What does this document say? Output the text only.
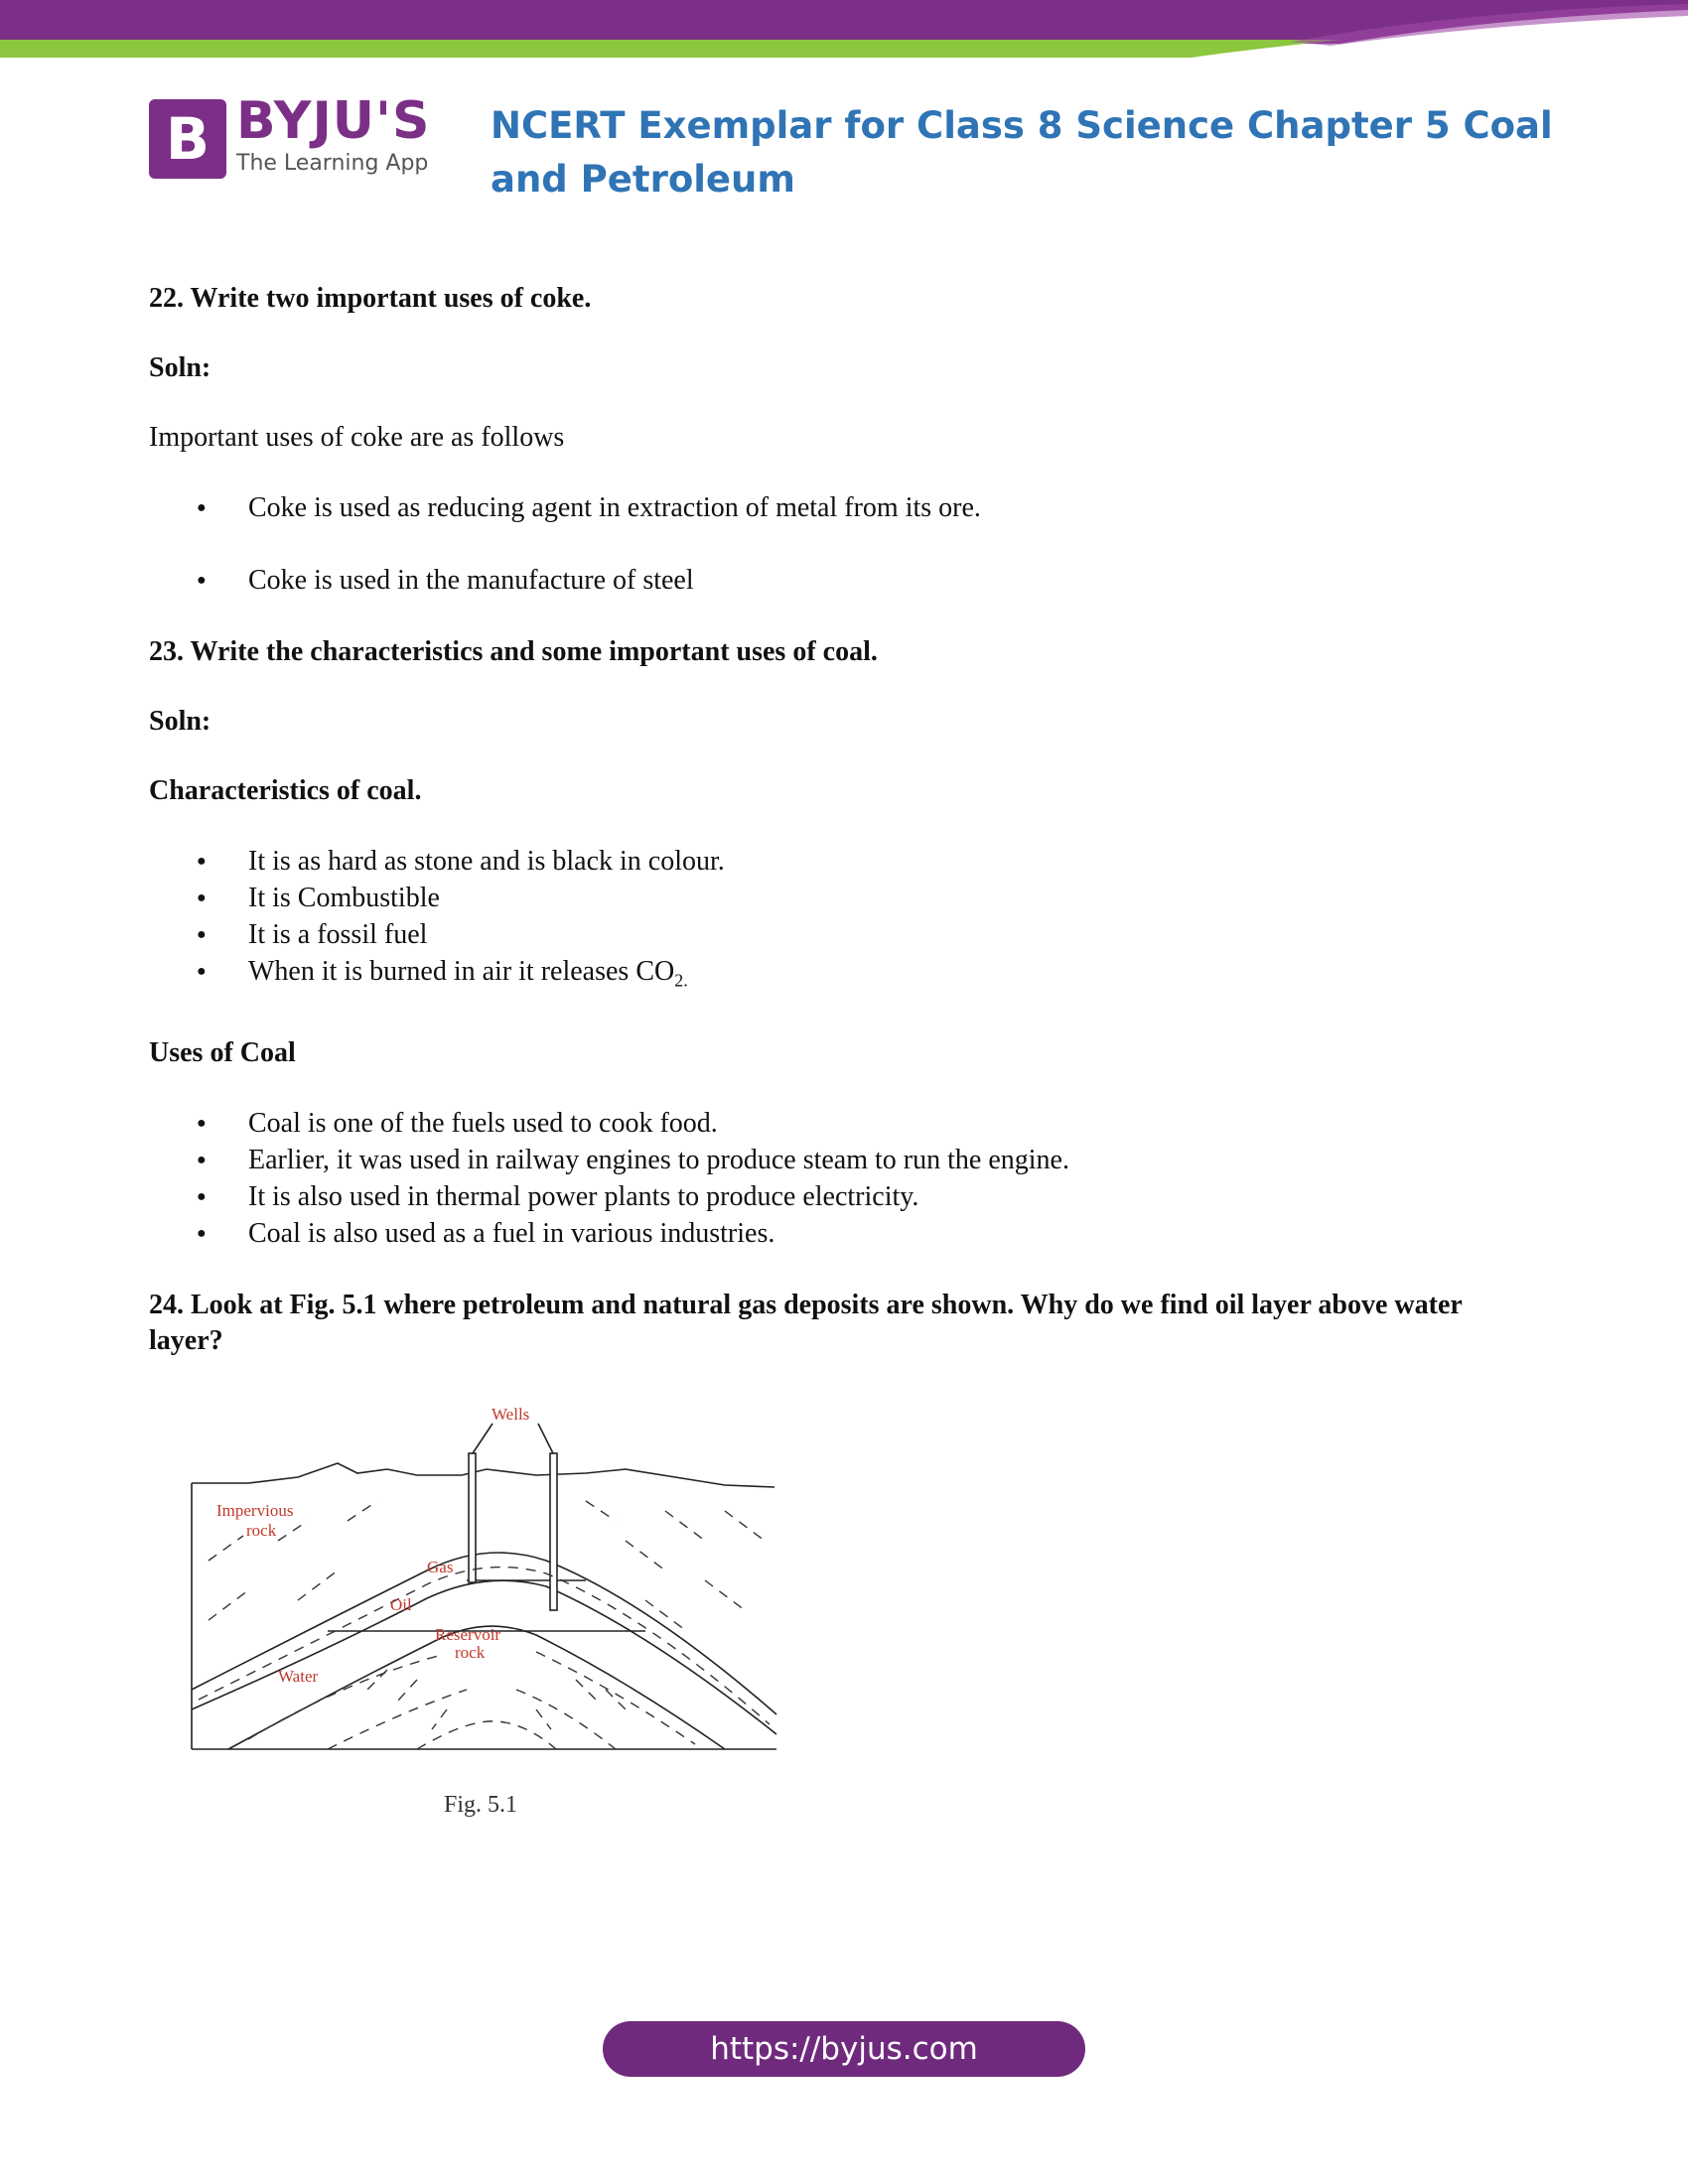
B BYJU'S
The Learning App
NCERT Exemplar for Class 8 Science Chapter 5 Coal and Petroleum
22. Write two important uses of coke.
Soln:
Important uses of coke are as follows
● Coke is used as reducing agent in extraction of metal from its ore.
● Coke is used in the manufacture of steel
23. Write the characteristics and some important uses of coal.
Soln:
Characteristics of coal.
● It is as hard as stone and is black in colour.
● It is Combustible
● It is a fossil fuel
● When it is burned in air it releases $CO_{2.}$
Uses of Coal
● Coal is one of the fuels used to cook food.
● Earlier, it was used in railway engines to produce steam to run the engine.
● It is also used in thermal power plants to produce electricity.
● Coal is also used as a fuel in various industries.
24. Look at Fig. 5.1 where petroleum and natural gas deposits are shown. Why do we find oil layer above water layer?
Wells
Impervious
rock
Gas
Oil
Reservoir
rock
Water
Fig. 5.1
https://byjus.com
